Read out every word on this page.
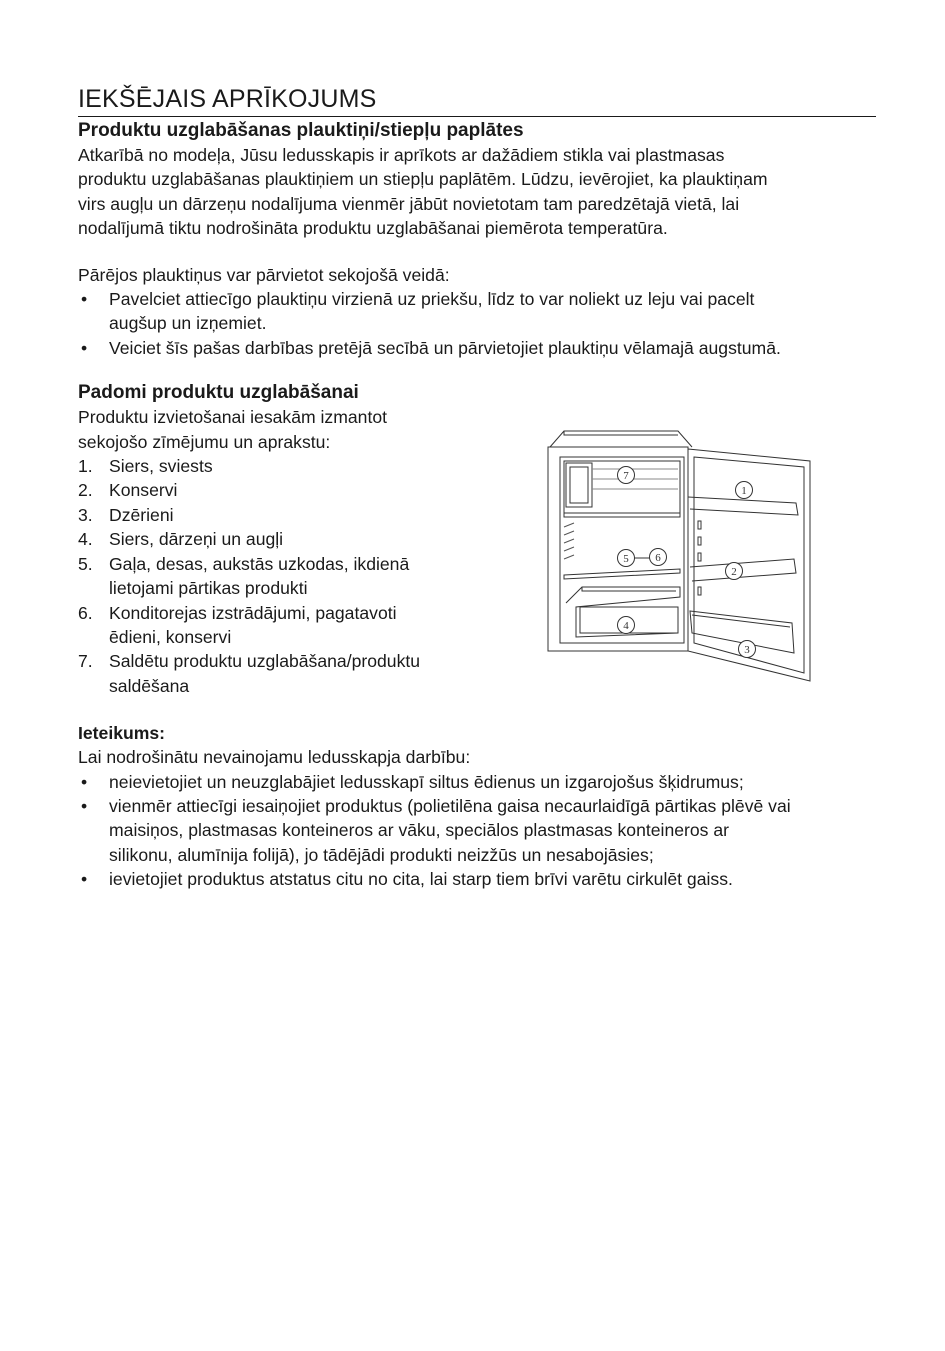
IEKŠĒJAIS APRĪKOJUMS
Produktu uzglabāšanas plauktiņi/stiepļu paplātes
Atkarībā no modeļa, Jūsu ledusskapis ir aprīkots ar dažādiem stikla vai plastmasas
produktu uzglabāšanas plauktiņiem un stiepļu paplātēm. Lūdzu, ievērojiet, ka plauktiņam
virs augļu un dārzeņu nodalījuma vienmēr jābūt novietotam tam paredzētajā vietā, lai
nodalījumā tiktu nodrošināta produktu uzglabāšanai piemērota temperatūra.

Pārējos plauktiņus var pārvietot sekojošā veidā:

• Pavelciet attiecīgo plauktiņu virzienā uz priekšu, līdz to var noliekt uz leju vai pacelt
augšup un izņemiet.
• Veiciet šīs pašas darbības pretējā secībā un pārvietojiet plauktiņu vēlamajā augstumā.
Padomi produktu uzglabāšanai
Produktu izvietošanai iesakām izmantot
sekojošo zīmējumu un aprakstu:
1. Siers, sviests
2. Konservi
3. Dzērieni
4. Siers, dārzeņi un augļi
5. Gaļa, desas, aukstās uzkodas, ikdienā
lietojami pārtikas produkti
6. Konditorejas izstrādājumi, pagatavoti
ēdieni, konservi
7. Saldētu produktu uzglabāšana/produktu
saldēšana
1
2
3
4
5 6
7
Ieteikums:

Lai nodrošinātu nevainojamu ledusskapja darbību:

• neievietojiet un neuzglabājiet ledusskapī siltus ēdienus un izgarojošus šķidrumus;
• vienmēr attiecīgi iesaiņojiet produktus (polietilēna gaisa necaurlaidīgā pārtikas plēvē vai
maisiņos, plastmasas konteineros ar vāku, speciālos plastmasas konteineros ar
silikonu, alumīnija folijā), jo tādējādi produkti neizžūs un nesabojāsies;
• ievietojiet produktus atstatus citu no cita, lai starp tiem brīvi varētu cirkulēt gaiss.
